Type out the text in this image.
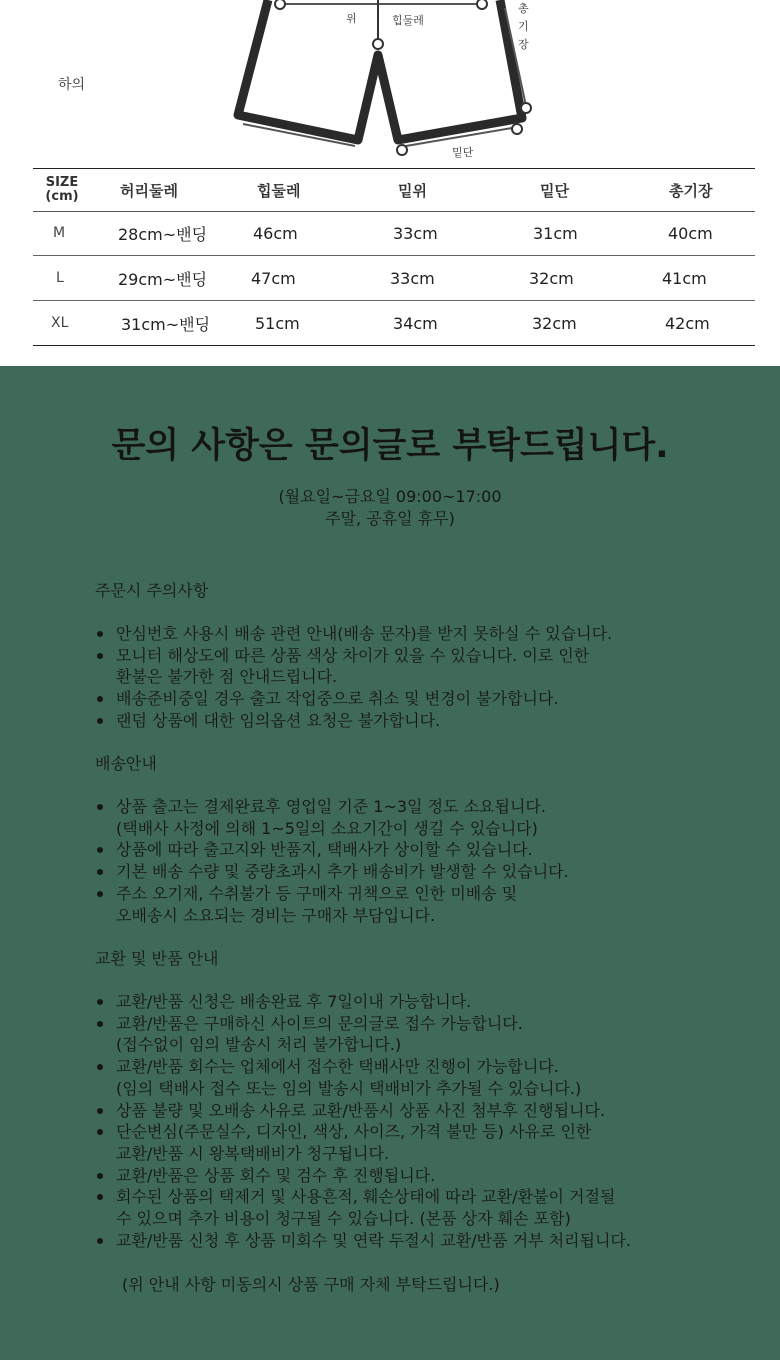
위	힙둘레
총 기 장
밑단
하의
SIZE
(cm)	허리둘레	힙둘레	밑위	밑단	총기장
M	28cm~밴딩	46cm	33cm	31cm	40cm
L	29cm~밴딩	47cm	33cm	32cm	41cm
XL	31cm~밴딩	51cm	34cm	32cm	42cm
문의 사항은 문의글로 부탁드립니다.
(월요일~금요일 09:00~17:00
주말, 공휴일 휴무)
주문시 주의사항
안심번호 사용시 배송 관련 안내(배송 문자)를 받지 못하실 수 있습니다.
모니터 해상도에 따른 상품 색상 차이가 있을 수 있습니다. 이로 인한
환불은 불가한 점 안내드립니다.
배송준비중일 경우 출고 작업중으로 취소 및 변경이 불가합니다.
랜덤 상품에 대한 임의옵션 요청은 불가합니다.
배송안내
상품 출고는 결제완료후 영업일 기준 1~3일 정도 소요됩니다.
(택배사 사정에 의해 1~5일의 소요기간이 생길 수 있습니다)
상품에 따라 출고지와 반품지, 택배사가 상이할 수 있습니다.
기본 배송 수량 및 중량초과시 추가 배송비가 발생할 수 있습니다.
주소 오기재, 수취불가 등 구매자 귀책으로 인한 미배송 및
오배송시 소요되는 경비는 구매자 부담입니다.
교환 및 반품 안내
교환/반품 신청은 배송완료 후 7일이내 가능합니다.
교환/반품은 구매하신 사이트의 문의글로 접수 가능합니다.
(접수없이 임의 발송시 처리 불가합니다.)
교환/반품 회수는 업체에서 접수한 택배사만 진행이 가능합니다.
(임의 택배사 접수 또는 임의 발송시 택배비가 추가될 수 있습니다.)
상품 불량 및 오배송 사유로 교환/반품시 상품 사진 첨부후 진행됩니다.
단순변심(주문실수, 디자인, 색상, 사이즈, 가격 불만 등) 사유로 인한
교환/반품 시 왕복택배비가 청구됩니다.
교환/반품은 상품 회수 및 검수 후 진행됩니다.
회수된 상품의 택제거 및 사용흔적, 훼손상태에 따라 교환/환불이 거절될
수 있으며 추가 비용이 청구될 수 있습니다. (본품 상자 훼손 포함)
교환/반품 신청 후 상품 미회수 및 연락 두절시 교환/반품 거부 처리됩니다.
(위 안내 사항 미동의시 상품 구매 자체 부탁드립니다.)
